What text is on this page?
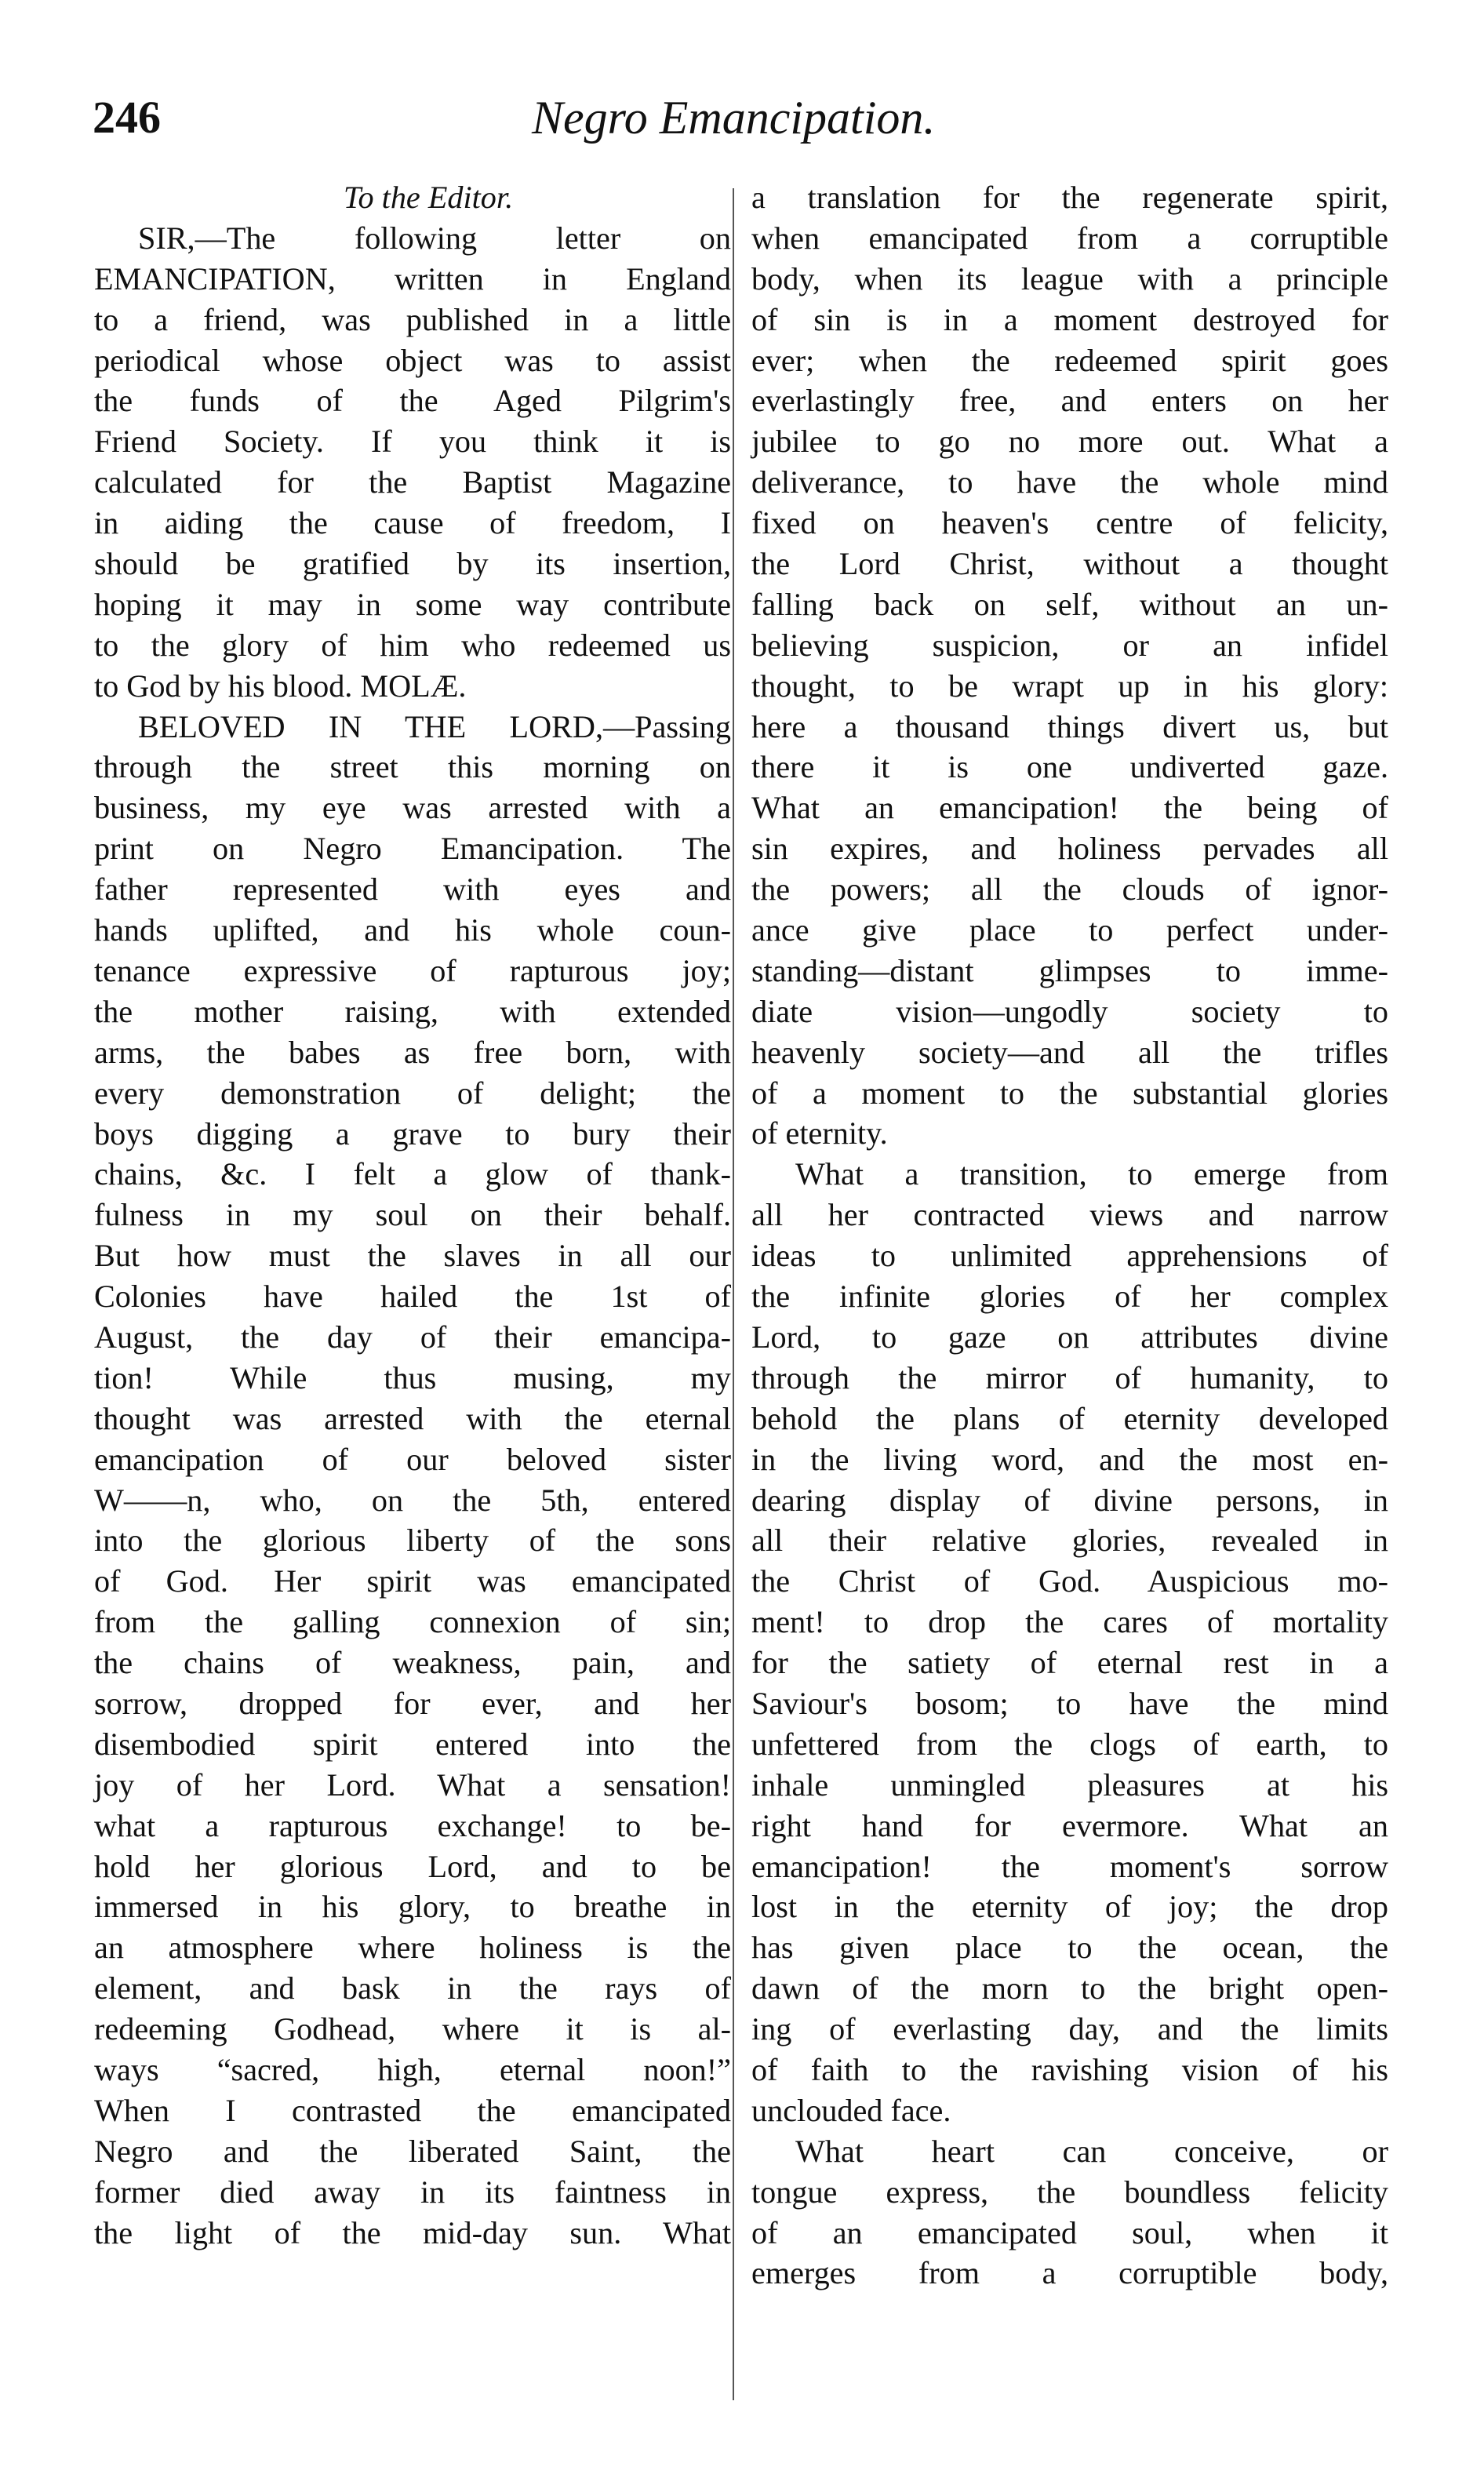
246	Negro Emancipation.

To the Editor.

SIR,—The following letter on
EMANCIPATION, written in England
to a friend, was published in a little
periodical whose object was to assist
the funds of the Aged Pilgrim's
Friend Society. If you think it is
calculated for the Baptist Magazine
in aiding the cause of freedom, I
should be gratified by its insertion,
hoping it may in some way contribute
to the glory of him who redeemed us
to God by his blood. MOLÆ.
BELOVED IN THE LORD,—Passing
through the street this morning on
business, my eye was arrested with a
print on Negro Emancipation. The
father represented with eyes and
hands uplifted, and his whole coun-
tenance expressive of rapturous joy;
the mother raising, with extended
arms, the babes as free born, with
every demonstration of delight; the
boys digging a grave to bury their
chains, &c. I felt a glow of thank-
fulness in my soul on their behalf.
But how must the slaves in all our
Colonies have hailed the 1st of
August, the day of their emancipa-
tion! While thus musing, my
thought was arrested with the eternal
emancipation of our beloved sister
W——n, who, on the 5th, entered
into the glorious liberty of the sons
of God. Her spirit was emancipated
from the galling connexion of sin;
the chains of weakness, pain, and
sorrow, dropped for ever, and her
disembodied spirit entered into the
joy of her Lord. What a sensation!
what a rapturous exchange! to be-
hold her glorious Lord, and to be
immersed in his glory, to breathe in
an atmosphere where holiness is the
element, and bask in the rays of
redeeming Godhead, where it is al-
ways “sacred, high, eternal noon!”
When I contrasted the emancipated
Negro and the liberated Saint, the
former died away in its faintness in
the light of the mid-day sun. What
a translation for the regenerate spirit,
when emancipated from a corruptible
body, when its league with a principle
of sin is in a moment destroyed for
ever; when the redeemed spirit goes
everlastingly free, and enters on her
jubilee to go no more out. What a
deliverance, to have the whole mind
fixed on heaven's centre of felicity,
the Lord Christ, without a thought
falling back on self, without an un-
believing suspicion, or an infidel
thought, to be wrapt up in his glory:
here a thousand things divert us, but
there it is one undiverted gaze.
What an emancipation! the being of
sin expires, and holiness pervades all
the powers; all the clouds of ignor-
ance give place to perfect under-
standing—distant glimpses to imme-
diate vision—ungodly society to
heavenly society—and all the trifles
of a moment to the substantial glories
of eternity.
What a transition, to emerge from
all her contracted views and narrow
ideas to unlimited apprehensions of
the infinite glories of her complex
Lord, to gaze on attributes divine
through the mirror of humanity, to
behold the plans of eternity developed
in the living word, and the most en-
dearing display of divine persons, in
all their relative glories, revealed in
the Christ of God. Auspicious mo-
ment! to drop the cares of mortality
for the satiety of eternal rest in a
Saviour's bosom; to have the mind
unfettered from the clogs of earth, to
inhale unmingled pleasures at his
right hand for evermore. What an
emancipation! the moment's sorrow
lost in the eternity of joy; the drop
has given place to the ocean, the
dawn of the morn to the bright open-
ing of everlasting day, and the limits
of faith to the ravishing vision of his
unclouded face.
What heart can conceive, or
tongue express, the boundless felicity
of an emancipated soul, when it
emerges from a corruptible body,
